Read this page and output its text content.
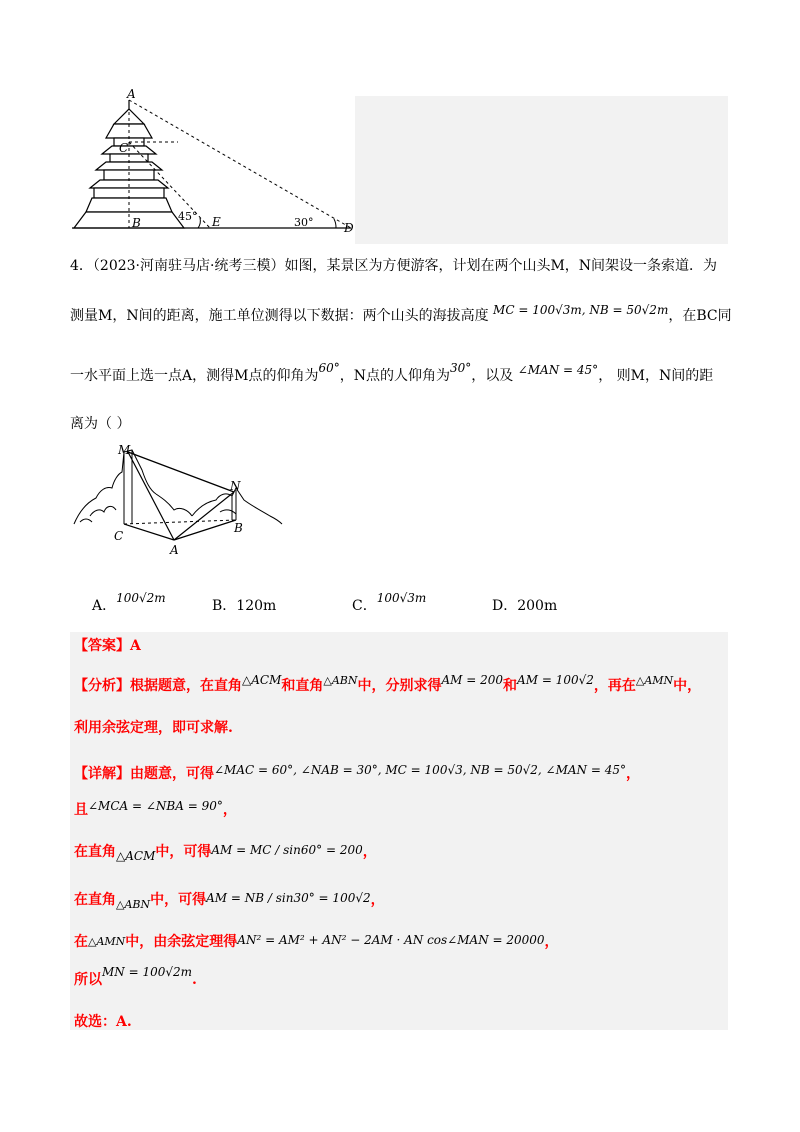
A
C
B	E	D
45°	30°
4．（2023·河南驻马店·统考三模）如图，某景区为方便游客，计划在两个山头M，N间架设一条索道．为
测量M，N间的距离，施工单位测得以下数据：两个山头的海拔高度 MC = 100√3m, NB = 50√2m，在BC同
一水平面上选一点A，测得M点的仰角为60°，N点的人仰角为30°，以及 ∠MAN = 45°， 则M，N间的距
离为（ ）
M
N
C
A
B
A．100√2m	B．120m	C．100√3m	D．200m
【答案】A
【分析】根据题意，在直角△ACM和直角$^{\triangle ABN}$中，分别求得AM = 200和AM = 100√2，再在$^{\triangle AMN}$中，
利用余弦定理，即可求解.
【详解】由题意，可得∠MAC = 60°, ∠NAB = 30°, MC = 100√3, NB = 50√2, ∠MAN = 45°，
且∠MCA = ∠NBA = 90°，
在直角△ACM中，可得AM = MC / sin60° = 200，
在直角$_{\triangle ABN}$中，可得AM = NB / sin30° = 100√2，
在△AMN中，由余弦定理得AN² = AM² + AN² − 2AM · AN cos∠MAN = 20000，
所以MN = 100√2m.
故选：A.
